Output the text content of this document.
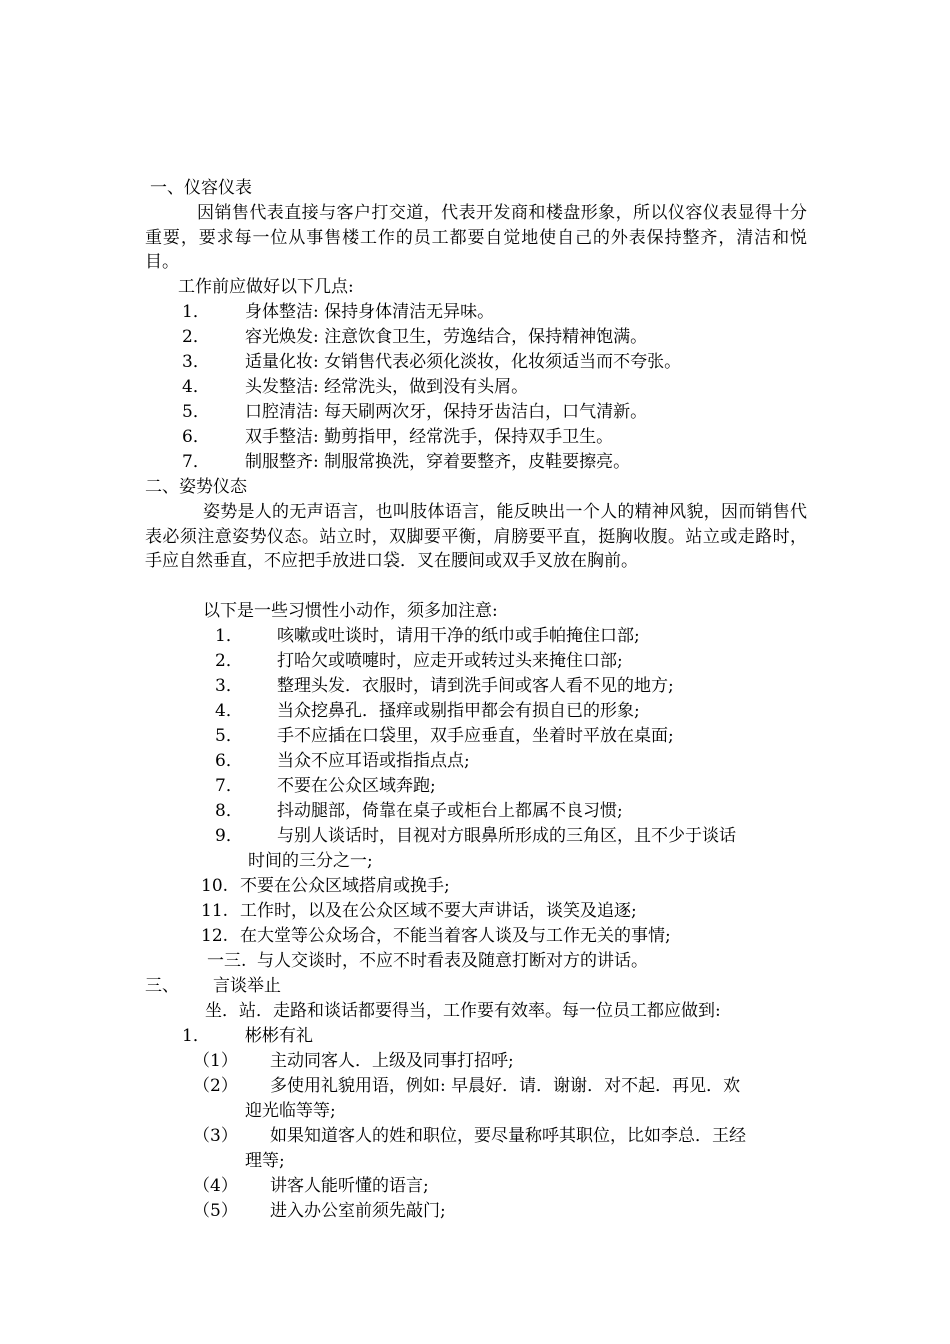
一、仪容仪表
因销售代表直接与客户打交道，代表开发商和楼盘形象，所以仪容仪表显得十分重要，要求每一位从事售楼工作的员工都要自觉地使自己的外表保持整齐，清洁和悦目。
工作前应做好以下几点:
1． 身体整洁: 保持身体清洁无异味。
2． 容光焕发: 注意饮食卫生，劳逸结合，保持精神饱满。
3． 适量化妆: 女销售代表必须化淡妆，化妆须适当而不夸张。
4． 头发整洁: 经常洗头，做到没有头屑。
5． 口腔清洁: 每天刷两次牙，保持牙齿洁白，口气清新。
6． 双手整洁: 勤剪指甲，经常洗手，保持双手卫生。
7． 制服整齐: 制服常换洗，穿着要整齐，皮鞋要擦亮。
二、姿势仪态
姿势是人的无声语言，也叫肢体语言，能反映出一个人的精神风貌，因而销售代表必须注意姿势仪态。站立时，双脚要平衡，肩膀要平直，挺胸收腹。站立或走路时，手应自然垂直，不应把手放进口袋．叉在腰间或双手叉放在胸前。
以下是一些习惯性小动作，须多加注意:
1． 咳嗽或吐谈时，请用干净的纸巾或手帕掩住口部;
2． 打哈欠或喷嚏时，应走开或转过头来掩住口部;
3． 整理头发．衣服时，请到洗手间或客人看不见的地方;
4． 当众挖鼻孔．搔痒或剔指甲都会有损自已的形象;
5． 手不应插在口袋里，双手应垂直，坐着时平放在桌面;
6． 当众不应耳语或指指点点;
7． 不要在公众区域奔跑;
8． 抖动腿部，倚靠在桌子或柜台上都属不良习惯;
9． 与别人谈话时，目视对方眼鼻所形成的三角区，且不少于谈话
时间的三分之一;
10. 不要在公众区域搭肩或挽手;
11. 工作时，以及在公众区域不要大声讲话，谈笑及追逐;
12. 在大堂等公众场合，不能当着客人谈及与工作无关的事情;
一三. 与人交谈时，不应不时看表及随意打断对方的讲话。
三、 言谈举止
坐．站．走路和谈话都要得当，工作要有效率。每一位员工都应做到:
1． 彬彬有礼
（1） 主动同客人．上级及同事打招呼;
（2） 多使用礼貌用语，例如: 早晨好．请．谢谢．对不起．再见．欢
迎光临等等;
（3） 如果知道客人的姓和职位，要尽量称呼其职位，比如李总．王经
理等;
（4） 讲客人能听懂的语言;
（5） 进入办公室前须先敲门;
